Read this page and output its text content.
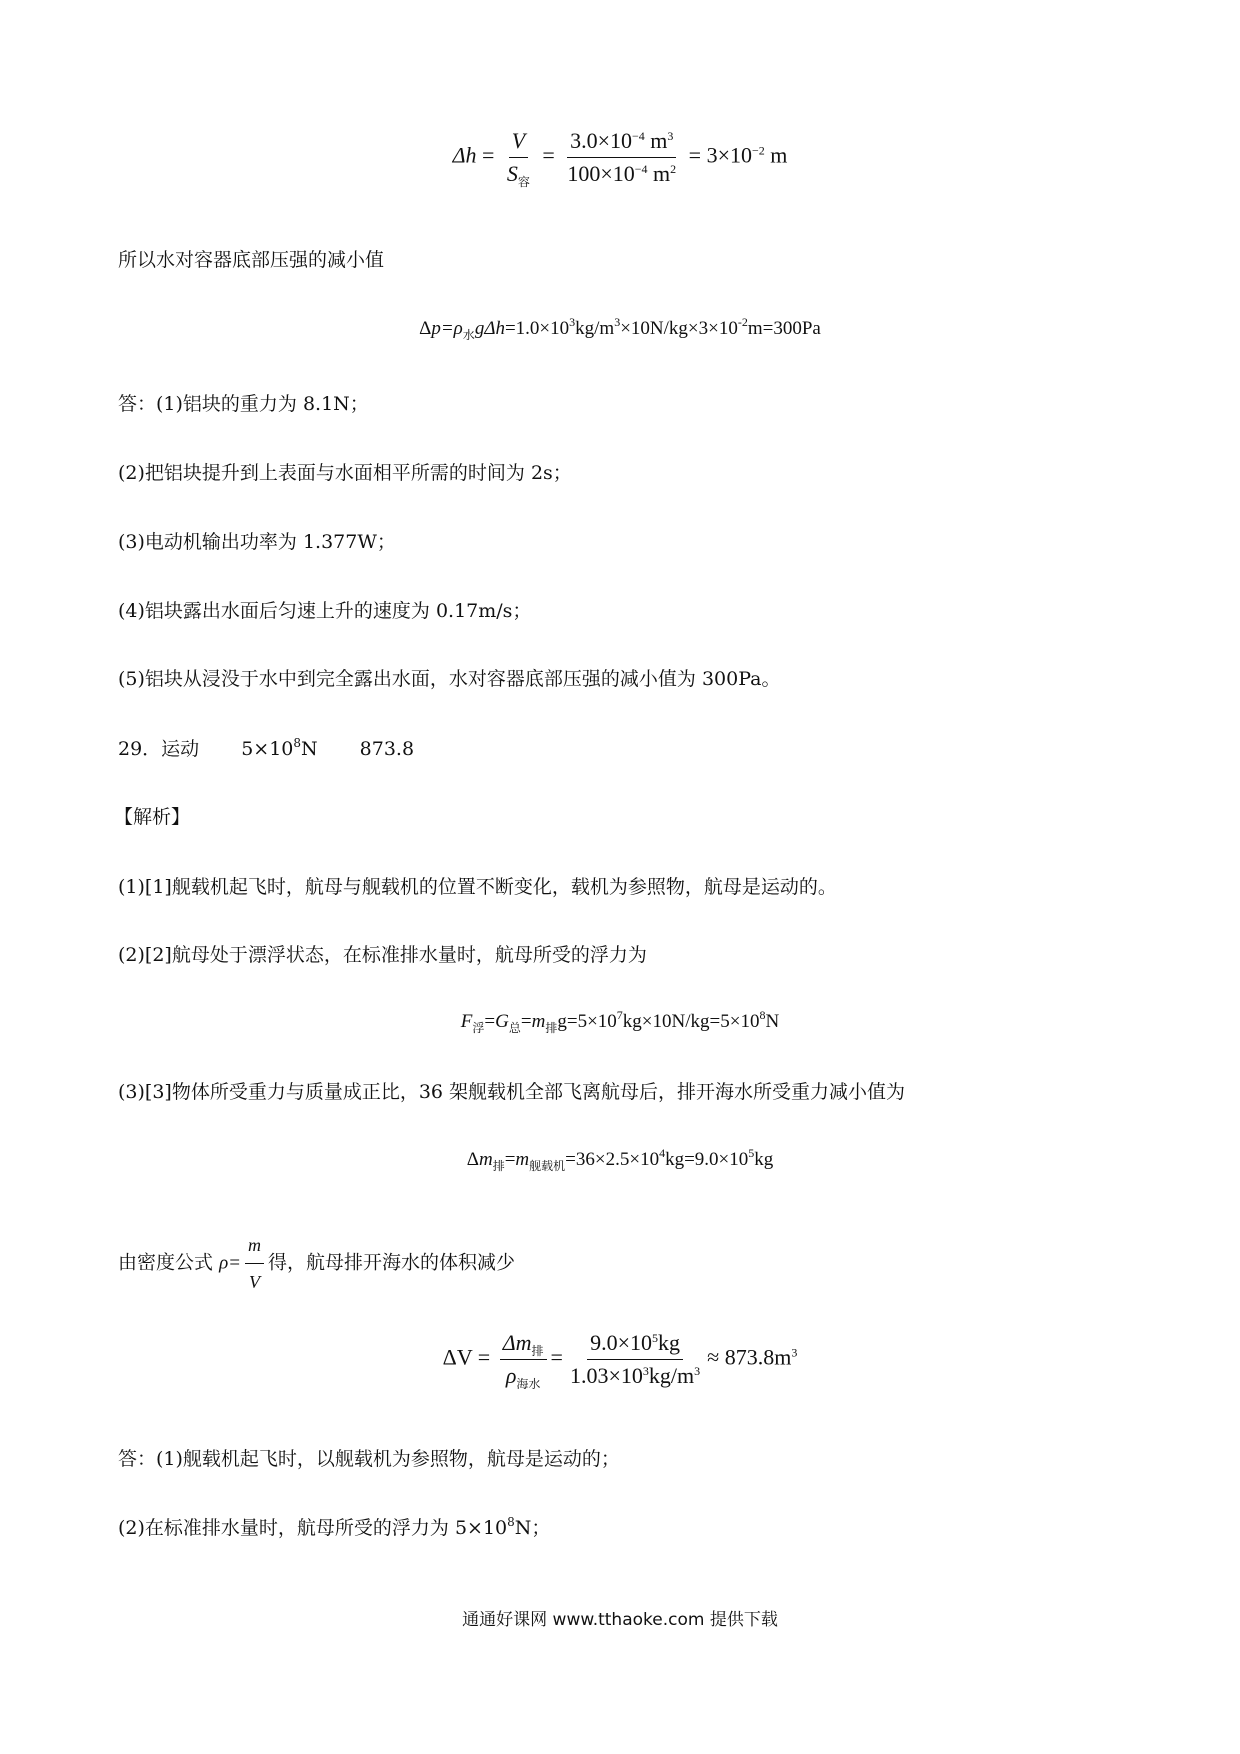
$\Delta h = \frac{V}{S_容} = \frac{3.0\times 10^{-4} m^3}{100\times 10^{-4} m^2} = 3\times 10^{-2}$ m
所以水对容器底部压强的减小值
$\Delta p=\rho_水g\Delta h=1.0\times 10^3kg/m^3\times 10N/kg\times 3\times 10^{-2}m=300Pa$
答：(1)铝块的重力为 8.1N；
(2)把铝块提升到上表面与水面相平所需的时间为 2s；
(3)电动机输出功率为 1.377W；
(4)铝块露出水面后匀速上升的速度为 0.17m/s；
(5)铝块从浸没于水中到完全露出水面，水对容器底部压强的减小值为 300Pa。
29．运动 $5\times 10^8N$ 873.8
【解析】
(1)[1]舰载机起飞时，航母与舰载机的位置不断变化，载机为参照物，航母是运动的。
(2)[2]航母处于漂浮状态，在标准排水量时，航母所受的浮力为
$F_浮=G_总=m_排g=5\times 10^7kg\times 10N/kg=5\times 10^8N$
(3)[3]物体所受重力与质量成正比，36 架舰载机全部飞离航母后，排开海水所受重力减小值为
$\Delta m_排=m_{舰载机}=36\times 2.5\times 10^4kg=9.0\times 10^5kg$
由密度公式 $\rho= \frac{m}{V}$ 得，航母排开海水的体积减少
$\Delta V = \frac{\Delta m_排}{\rho_{海水}} = \frac{9.0\times 10^5kg}{1.03\times 10^3kg/m^3} \approx 873.8m^3$
答：(1)舰载机起飞时，以舰载机为参照物，航母是运动的；
(2)在标准排水量时，航母所受的浮力为 $5\times 10^8N$；
通通好课网 www.tthaoke.com 提供下载
